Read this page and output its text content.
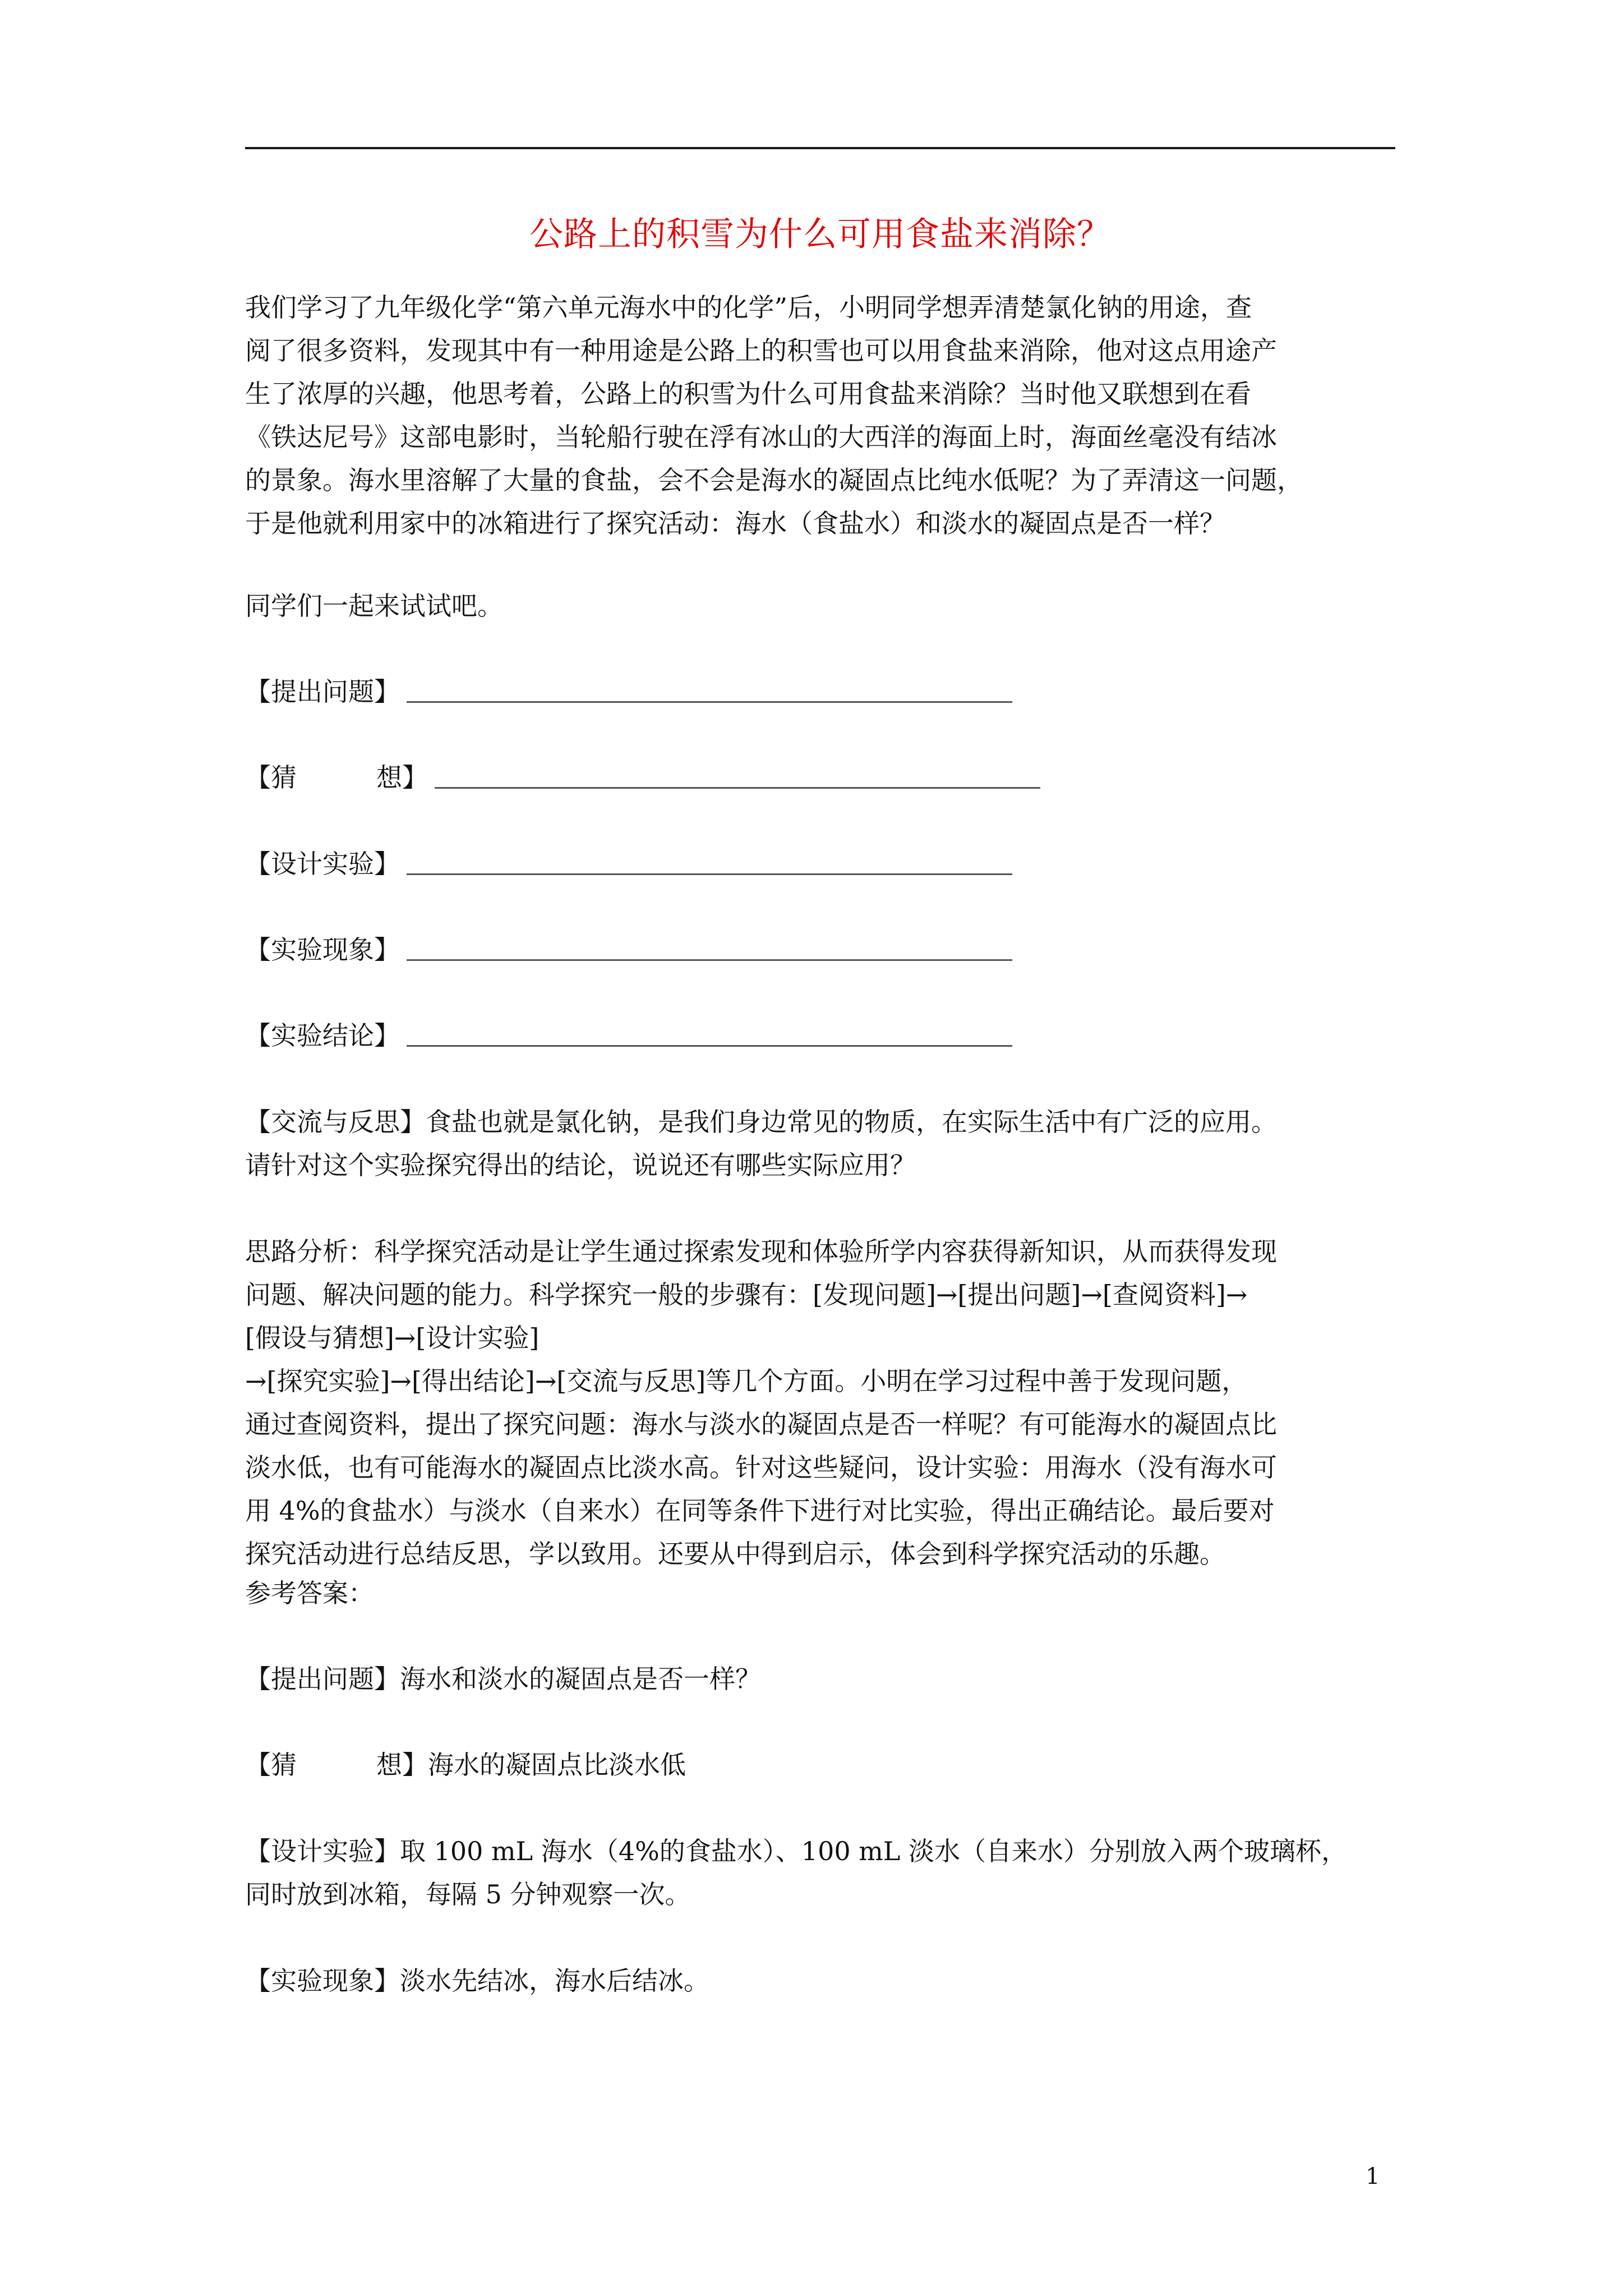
公路上的积雪为什么可用食盐来消除？
我们学习了九年级化学“第六单元海水中的化学”后，小明同学想弄清楚氯化钠的用途，查
阅了很多资料，发现其中有一种用途是公路上的积雪也可以用食盐来消除，他对这点用途产
生了浓厚的兴趣，他思考着，公路上的积雪为什么可用食盐来消除？当时他又联想到在看
《铁达尼号》这部电影时，当轮船行驶在浮有冰山的大西洋的海面上时，海面丝毫没有结冰
的景象。海水里溶解了大量的食盐，会不会是海水的凝固点比纯水低呢？为了弄清这一问题，
于是他就利用家中的冰箱进行了探究活动：海水（食盐水）和淡水的凝固点是否一样？
同学们一起来试试吧。
【提出问题】
【猜	想】
【设计实验】
【实验现象】
【实验结论】
【交流与反思】食盐也就是氯化钠，是我们身边常见的物质，在实际生活中有广泛的应用。
请针对这个实验探究得出的结论，说说还有哪些实际应用？
思路分析：科学探究活动是让学生通过探索发现和体验所学内容获得新知识，从而获得发现
问题、解决问题的能力。科学探究一般的步骤有：[发现问题]→[提出问题]→[查阅资料]→
[假设与猜想]→[设计实验]
→[探究实验]→[得出结论]→[交流与反思]等几个方面。小明在学习过程中善于发现问题，
通过查阅资料，提出了探究问题：海水与淡水的凝固点是否一样呢？有可能海水的凝固点比
淡水低，也有可能海水的凝固点比淡水高。针对这些疑问，设计实验：用海水（没有海水可
用 4%的食盐水）与淡水（自来水）在同等条件下进行对比实验，得出正确结论。最后要对
探究活动进行总结反思，学以致用。还要从中得到启示，体会到科学探究活动的乐趣。
参考答案：
【提出问题】海水和淡水的凝固点是否一样？
【猜	想】海水的凝固点比淡水低
【设计实验】取 100 mL 海水（4%的食盐水）、100 mL 淡水（自来水）分别放入两个玻璃杯，
同时放到冰箱，每隔 5 分钟观察一次。
【实验现象】淡水先结冰，海水后结冰。
1
